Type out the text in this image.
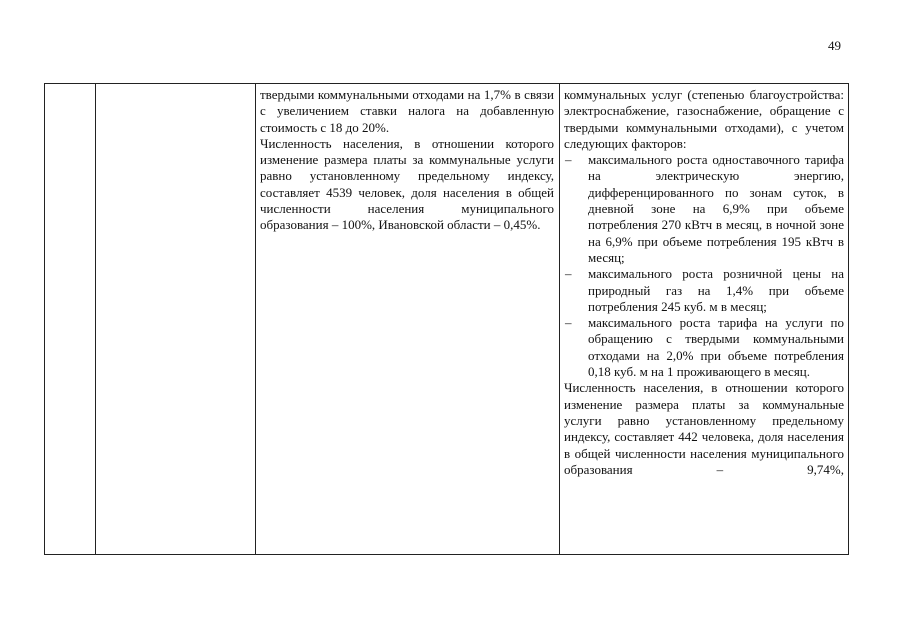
49

твердыми коммунальными отходами на 1,7% в связи с увеличением ставки налога на добавленную стоимость с 18 до 20%.

Численность населения, в отношении которого изменение размера платы за коммунальные услуги равно установленному предельному индексу, составляет 4539 человек, доля населения в общей численности населения муниципального образования – 100%, Ивановской области – 0,45%.

коммунальных услуг (степенью благоустройства: электроснабжение, газоснабжение, обращение с твердыми коммунальными отходами), с учетом следующих факторов:

– максимального роста одноставочного тарифа на электрическую энергию, дифференцированного по зонам суток, в дневной зоне на 6,9% при объеме потребления 270 кВтч в месяц, в ночной зоне на 6,9% при объеме потребления 195 кВтч в месяц;
– максимального роста розничной цены на природный газ на 1,4% при объеме потребления 245 куб. м в месяц;
– максимального роста тарифа на услуги по обращению с твердыми коммунальными отходами на 2,0% при объеме потребления 0,18 куб. м на 1 проживающего в месяц.

Численность населения, в отношении которого изменение размера платы за коммунальные услуги равно установленному предельному индексу, составляет 442 человека, доля населения в общей численности населения муниципального образования – 9,74%,
